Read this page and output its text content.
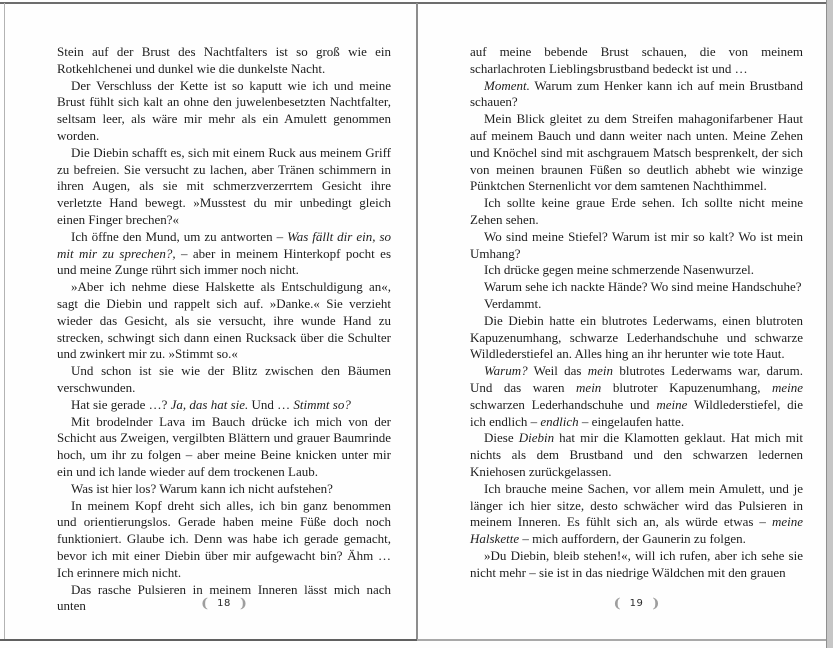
Stein auf der Brust des Nachtfalters ist so groß wie ein Rotkehlchenei und dunkel wie die dunkelste Nacht.

Der Verschluss der Kette ist so kaputt wie ich und meine Brust fühlt sich kalt an ohne den juwelenbesetzten Nachtfalter, seltsam leer, als wäre mir mehr als ein Amulett genommen worden.

Die Diebin schafft es, sich mit einem Ruck aus meinem Griff zu befreien. Sie versucht zu lachen, aber Tränen schimmern in ihren Augen, als sie mit schmerzverzerrtem Gesicht ihre verletzte Hand bewegt. »Musstest du mir unbedingt gleich einen Finger brechen?«

Ich öffne den Mund, um zu antworten – Was fällt dir ein, so mit mir zu sprechen?, – aber in meinem Hinterkopf pocht es und meine Zunge rührt sich immer noch nicht.

»Aber ich nehme diese Halskette als Entschuldigung an«, sagt die Diebin und rappelt sich auf. »Danke.« Sie verzieht wieder das Gesicht, als sie versucht, ihre wunde Hand zu strecken, schwingt sich dann einen Rucksack über die Schulter und zwinkert mir zu. »Stimmt so.«

Und schon ist sie wie der Blitz zwischen den Bäumen verschwunden.

Hat sie gerade …? Ja, das hat sie. Und … Stimmt so?

Mit brodelnder Lava im Bauch drücke ich mich von der Schicht aus Zweigen, vergilbten Blättern und grauer Baumrinde hoch, um ihr zu folgen – aber meine Beine knicken unter mir ein und ich lande wieder auf dem trockenen Laub.

Was ist hier los? Warum kann ich nicht aufstehen?

In meinem Kopf dreht sich alles, ich bin ganz benommen und orientierungslos. Gerade haben meine Füße doch noch funktioniert. Glaube ich. Denn was habe ich gerade gemacht, bevor ich mit einer Diebin über mir aufgewacht bin? Ähm … Ich erinnere mich nicht.

Das rasche Pulsieren in meinem Inneren lässt mich nach unten

auf meine bebende Brust schauen, die von meinem scharlachroten Lieblingsbrustband bedeckt ist und …

Moment. Warum zum Henker kann ich auf mein Brustband schauen?

Mein Blick gleitet zu dem Streifen mahagonifarbener Haut auf meinem Bauch und dann weiter nach unten. Meine Zehen und Knöchel sind mit aschgrauem Matsch besprenkelt, der sich von meinen braunen Füßen so deutlich abhebt wie winzige Pünktchen Sternenlicht vor dem samtenen Nachthimmel.

Ich sollte keine graue Erde sehen. Ich sollte nicht meine Zehen sehen.

Wo sind meine Stiefel? Warum ist mir so kalt? Wo ist mein Umhang?

Ich drücke gegen meine schmerzende Nasenwurzel.

Warum sehe ich nackte Hände? Wo sind meine Handschuhe?

Verdammt.

Die Diebin hatte ein blutrotes Lederwams, einen blutroten Kapuzenumhang, schwarze Lederhandschuhe und schwarze Wildlederstiefel an. Alles hing an ihr herunter wie tote Haut.

Warum? Weil das mein blutrotes Lederwams war, darum. Und das waren mein blutroter Kapuzenumhang, meine schwarzen Lederhandschuhe und meine Wildlederstiefel, die ich endlich – endlich – eingelaufen hatte.

Diese Diebin hat mir die Klamotten geklaut. Hat mich mit nichts als dem Brustband und den schwarzen ledernen Kniehosen zurückgelassen.

Ich brauche meine Sachen, vor allem mein Amulett, und je länger ich hier sitze, desto schwächer wird das Pulsieren in meinem Inneren. Es fühlt sich an, als würde etwas – meine Halskette – mich auffordern, der Gaunerin zu folgen.

»Du Diebin, bleib stehen!«, will ich rufen, aber ich sehe sie nicht mehr – sie ist in das niedrige Wäldchen mit den grauen

( 18 )	( 19 )
